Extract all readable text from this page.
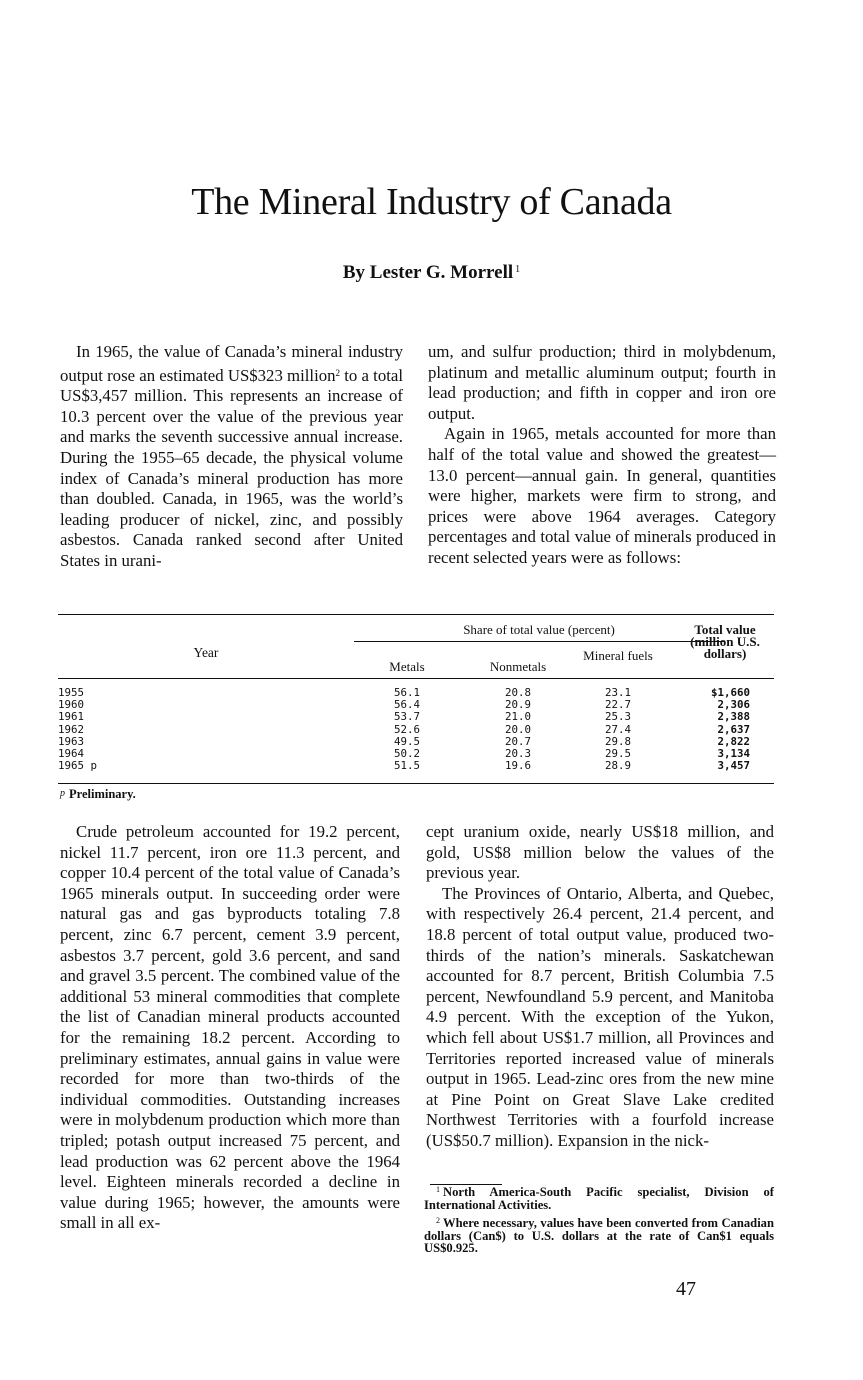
The Mineral Industry of Canada
By Lester G. Morrell $^1$

In 1965, the value of Canada’s mineral industry output rose an estimated US$323 million$^2$ to a total US$3,457 million. This represents an increase of 10.3 percent over the value of the previous year and marks the seventh successive annual increase. During the 1955–65 decade, the physical volume index of Canada’s mineral production has more than doubled. Canada, in 1965, was the world’s leading producer of nickel, zinc, and possibly asbestos. Canada ranked second after United States in urani-

um, and sulfur production; third in molybdenum, platinum and metallic aluminum output; fourth in lead production; and fifth in copper and iron ore output.

Again in 1965, metals accounted for more than half of the total value and showed the greatest—13.0 percent—annual gain. In general, quantities were higher, markets were firm to strong, and prices were above 1964 averages. Category percentages and total value of minerals produced in recent selected years were as follows:

Year
Share of total value (percent)
Metals	Nonmetals
Mineral fuels
Total value (million U.S. dollars)
1955________________________________________	56.1	20.8	23.1	$1,660
1960________________________________________	56.4	20.9	22.7	2,306
1961________________________________________	53.7	21.0	25.3	2,388
1962________________________________________	52.6	20.0	27.4	2,637
1963________________________________________	49.5	20.7	29.8	2,822
1964________________________________________	50.2	20.3	29.5	3,134
1965 p______________________________________	51.5	19.6	28.9	3,457
p Preliminary.

Crude petroleum accounted for 19.2 percent, nickel 11.7 percent, iron ore 11.3 percent, and copper 10.4 percent of the total value of Canada’s 1965 minerals output. In succeeding order were natural gas and gas byproducts totaling 7.8 percent, zinc 6.7 percent, cement 3.9 percent, asbestos 3.7 percent, gold 3.6 percent, and sand and gravel 3.5 percent. The combined value of the additional 53 mineral commodities that complete the list of Canadian mineral products accounted for the remaining 18.2 percent. According to preliminary estimates, annual gains in value were recorded for more than two-thirds of the individual commodities. Outstanding increases were in molybdenum production which more than tripled; potash output increased 75 percent, and lead production was 62 percent above the 1964 level. Eighteen minerals recorded a decline in value during 1965; however, the amounts were small in all ex-

cept uranium oxide, nearly US$18 million, and gold, US$8 million below the values of the previous year.

The Provinces of Ontario, Alberta, and Quebec, with respectively 26.4 percent, 21.4 percent, and 18.8 percent of total output value, produced two-thirds of the nation’s minerals. Saskatchewan accounted for 8.7 percent, British Columbia 7.5 percent, Newfoundland 5.9 percent, and Manitoba 4.9 percent. With the exception of the Yukon, which fell about US$1.7 million, all Provinces and Territories reported increased value of minerals output in 1965. Lead-zinc ores from the new mine at Pine Point on Great Slave Lake credited Northwest Territories with a fourfold increase (US$50.7 million). Expansion in the nick-

$^1$ North America-South Pacific specialist, Division of International Activities.
$^2$ Where necessary, values have been converted from Canadian dollars (Can$) to U.S. dollars at the rate of Can$1 equals US$0.925.
47
